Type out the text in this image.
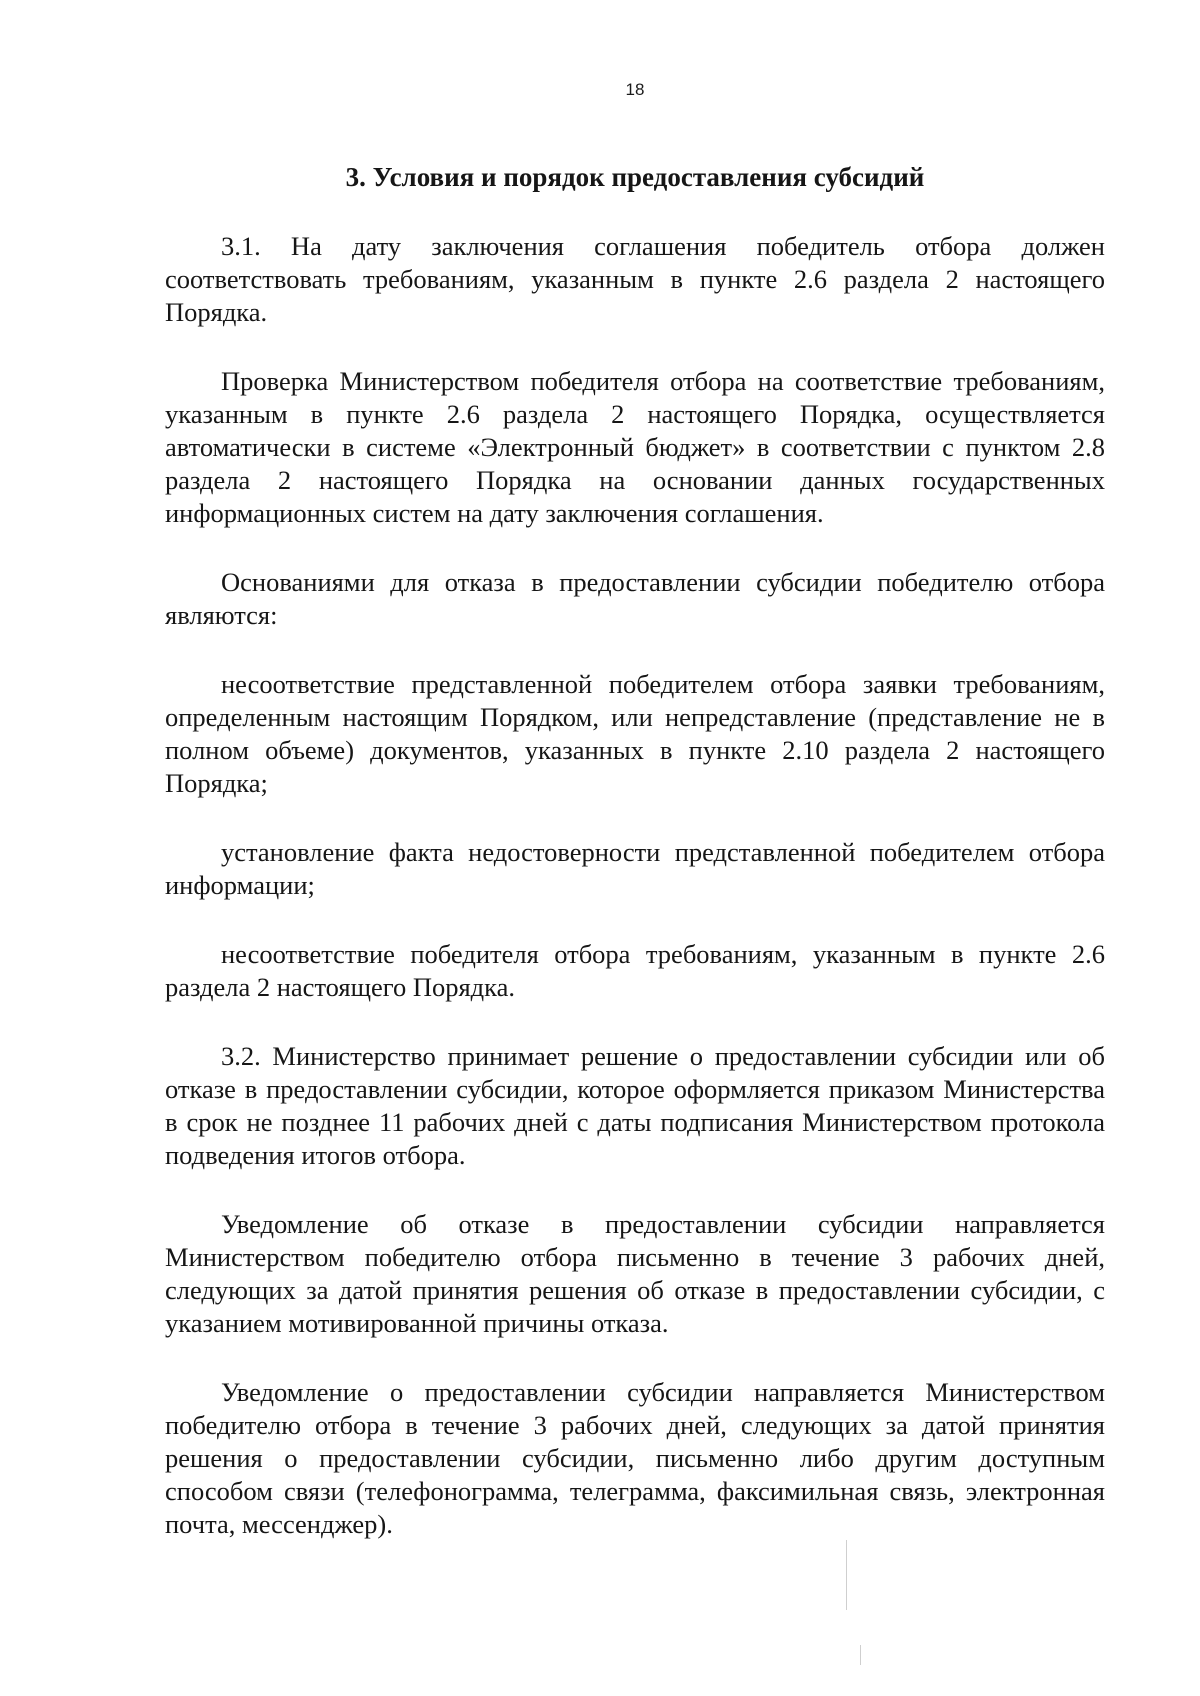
18
3. Условия и порядок предоставления субсидий

3.1. На дату заключения соглашения победитель отбора должен соответствовать требованиям, указанным в пункте 2.6 раздела 2 настоящего Порядка.

Проверка Министерством победителя отбора на соответствие требованиям, указанным в пункте 2.6 раздела 2 настоящего Порядка, осуществляется автоматически в системе «Электронный бюджет» в соответствии с пунктом 2.8 раздела 2 настоящего Порядка на основании данных государственных информационных систем на дату заключения соглашения.

Основаниями для отказа в предоставлении субсидии победителю отбора являются:

несоответствие представленной победителем отбора заявки требованиям, определенным настоящим Порядком, или непредставление (представление не в полном объеме) документов, указанных в пункте 2.10 раздела 2 настоящего Порядка;

установление факта недостоверности представленной победителем отбора информации;

несоответствие победителя отбора требованиям, указанным в пункте 2.6 раздела 2 настоящего Порядка.

3.2. Министерство принимает решение о предоставлении субсидии или об отказе в предоставлении субсидии, которое оформляется приказом Министерства в срок не позднее 11 рабочих дней с даты подписания Министерством протокола подведения итогов отбора.

Уведомление об отказе в предоставлении субсидии направляется Министерством победителю отбора письменно в течение 3 рабочих дней, следующих за датой принятия решения об отказе в предоставлении субсидии, с указанием мотивированной причины отказа.

Уведомление о предоставлении субсидии направляется Министерством победителю отбора в течение 3 рабочих дней, следующих за датой принятия решения о предоставлении субсидии, письменно либо другим доступным способом связи (телефонограмма, телеграмма, факсимильная связь, электронная почта, мессенджер).
